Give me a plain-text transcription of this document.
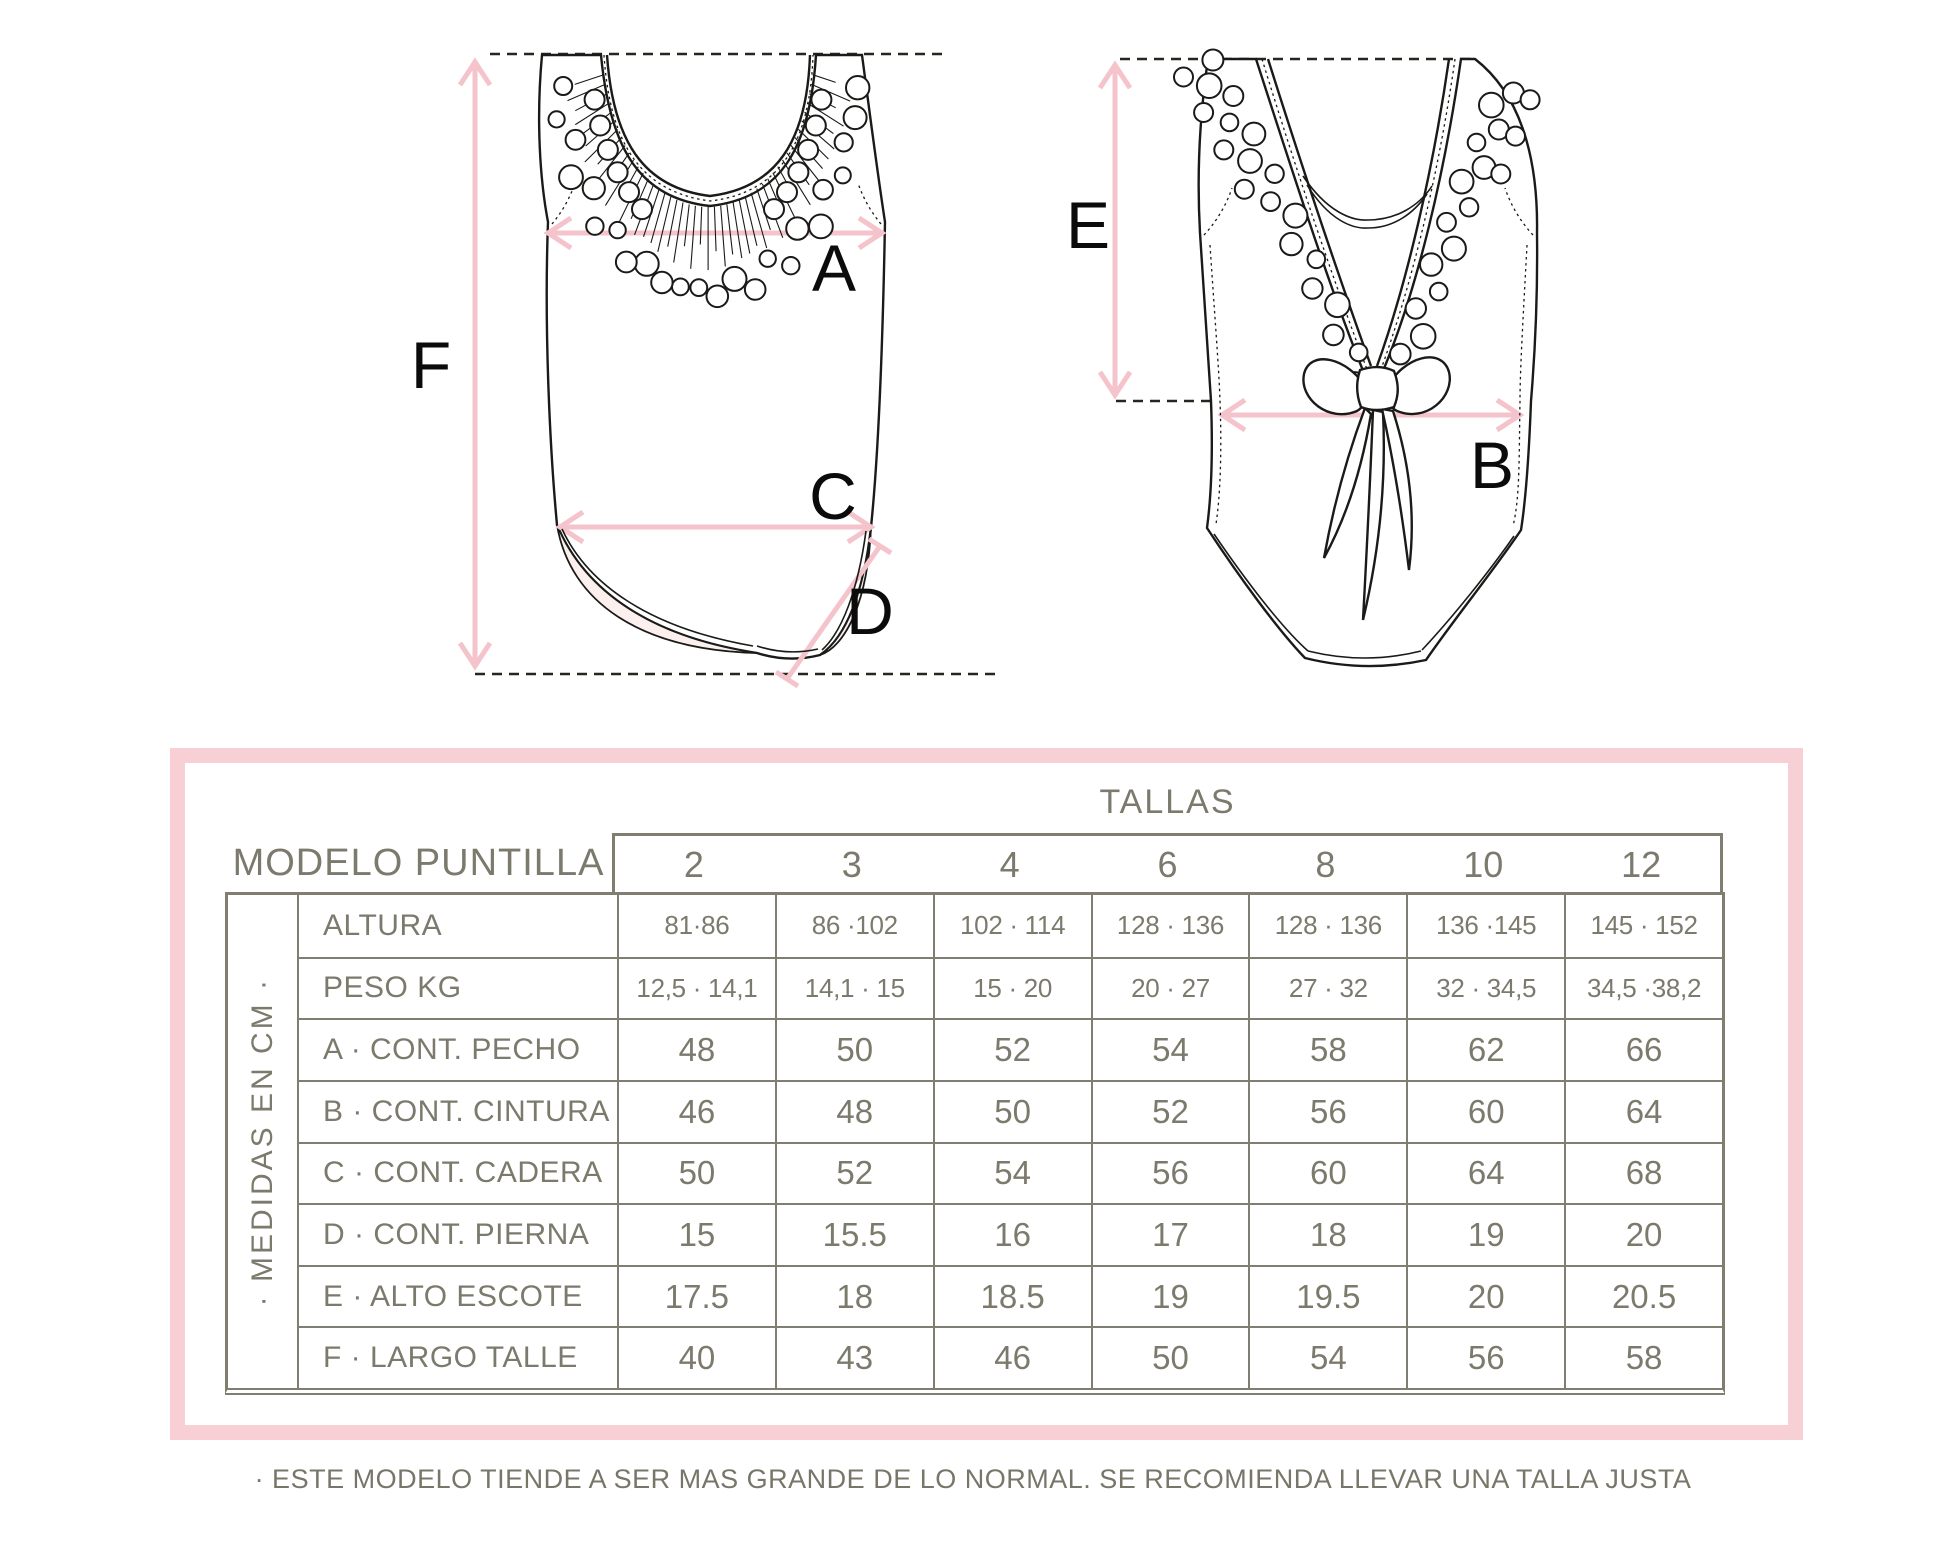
F
A
C
D
E
B
TALLAS
MODELO PUNTILLA	2	3	4	6	8	10	12
· MEDIDAS EN CM ·
ALTURA	81·86	86 ·102	102 · 114	128 · 136	128 · 136	136 ·145	145 · 152
PESO KG	12,5 · 14,1	14,1 · 15	15 · 20	20 · 27	27 · 32	32 · 34,5	34,5 ·38,2
A · CONT. PECHO	48	50	52	54	58	62	66
B · CONT. CINTURA	46	48	50	52	56	60	64
C · CONT. CADERA	50	52	54	56	60	64	68
D · CONT. PIERNA	15	15.5	16	17	18	19	20
E · ALTO ESCOTE	17.5	18	18.5	19	19.5	20	20.5
F · LARGO TALLE	40	43	46	50	54	56	58
· ESTE MODELO TIENDE A SER MAS GRANDE DE LO NORMAL. SE RECOMIENDA LLEVAR UNA TALLA JUSTA
